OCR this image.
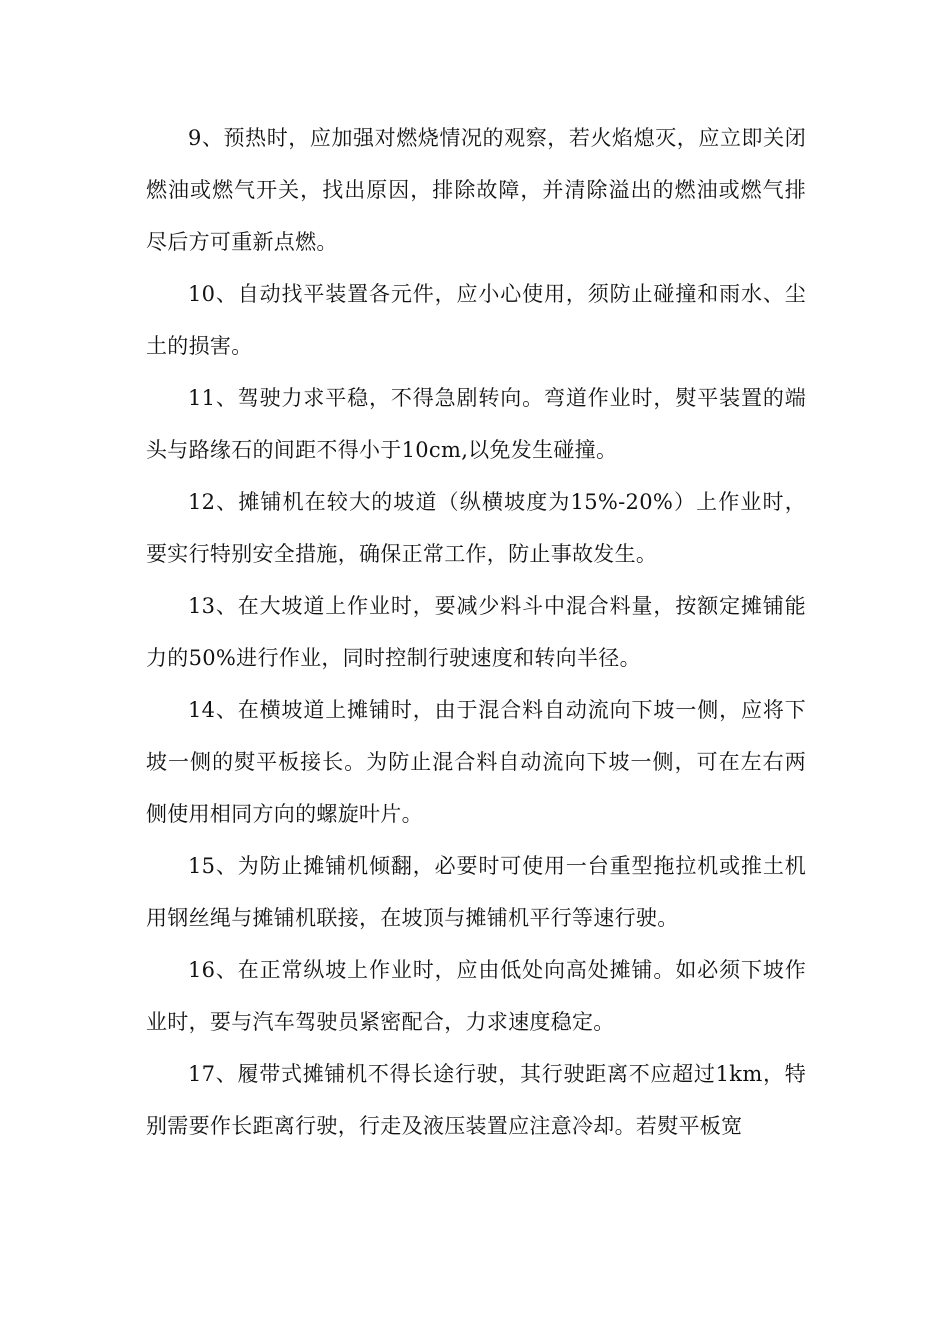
9、预热时，应加强对燃烧情况的观察，若火焰熄灭，应立即关闭燃油或燃气开关，找出原因，排除故障，并清除溢出的燃油或燃气排尽后方可重新点燃。

10、自动找平装置各元件，应小心使用，须防止碰撞和雨水、尘土的损害。

11、驾驶力求平稳，不得急剧转向。弯道作业时，熨平装置的端头与路缘石的间距不得小于10cm,以免发生碰撞。

12、摊铺机在较大的坡道（纵横坡度为15%-20%）上作业时，要实行特别安全措施，确保正常工作，防止事故发生。

13、在大坡道上作业时，要减少料斗中混合料量，按额定摊铺能力的50%进行作业，同时控制行驶速度和转向半径。

14、在横坡道上摊铺时，由于混合料自动流向下坡一侧，应将下坡一侧的熨平板接长。为防止混合料自动流向下坡一侧，可在左右两侧使用相同方向的螺旋叶片。

15、为防止摊铺机倾翻，必要时可使用一台重型拖拉机或推土机用钢丝绳与摊铺机联接，在坡顶与摊铺机平行等速行驶。

16、在正常纵坡上作业时，应由低处向高处摊铺。如必须下坡作业时，要与汽车驾驶员紧密配合，力求速度稳定。

17、履带式摊铺机不得长途行驶，其行驶距离不应超过1km，特别需要作长距离行驶，行走及液压装置应注意冷却。若熨平板宽
